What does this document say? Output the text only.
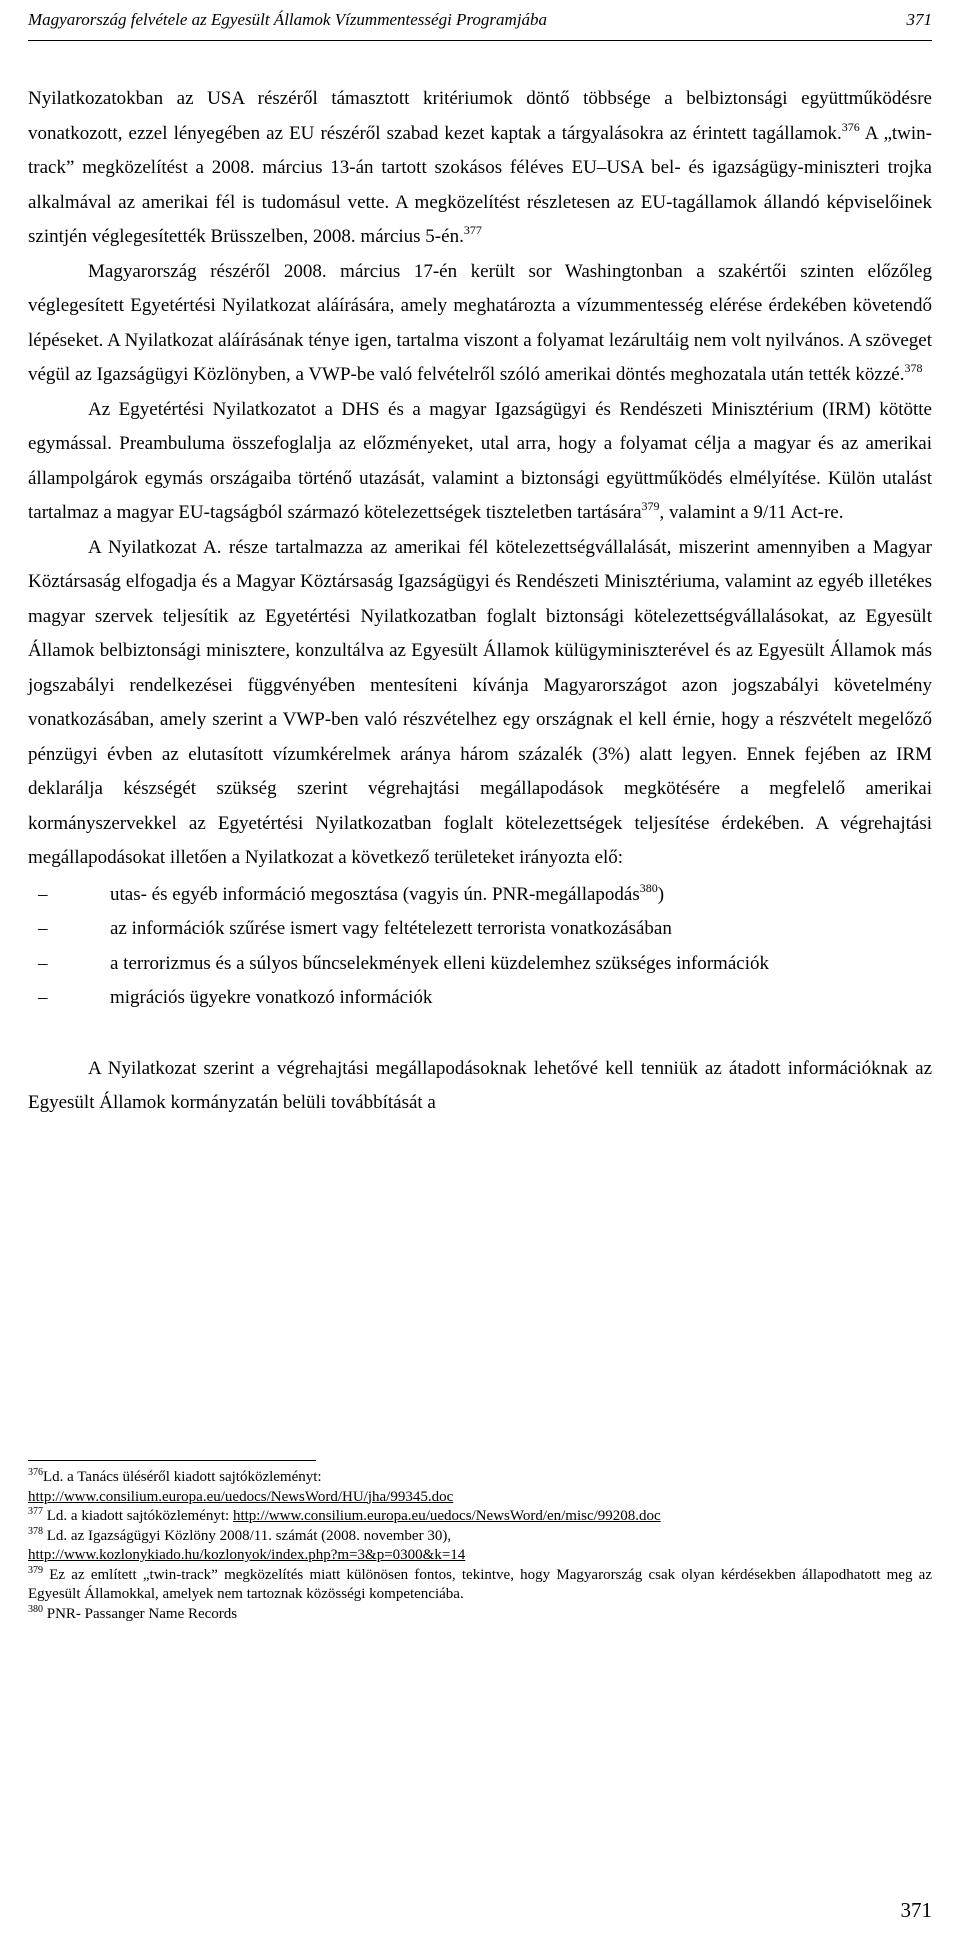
Magyarország felvétele az Egyesült Államok Vízummentességi Programjába	371

Nyilatkozatokban az USA részéről támasztott kritériumok döntő többsége a belbiztonsági együttműködésre vonatkozott, ezzel lényegében az EU részéről szabad kezet kaptak a tárgyalásokra az érintett tagállamok.$^{376}$ A „twin-track” megközelítést a 2008. március 13-án tartott szokásos féléves EU–USA bel- és igazságügy-miniszteri trojka alkalmával az amerikai fél is tudomásul vette. A megközelítést részletesen az EU-tagállamok állandó képviselőinek szintjén véglegesítették Brüsszelben, 2008. március 5-én.$^{377}$

Magyarország részéről 2008. március 17-én került sor Washingtonban a szakértői szinten előzőleg véglegesített Egyetértési Nyilatkozat aláírására, amely meghatározta a vízummentesség elérése érdekében követendő lépéseket. A Nyilatkozat aláírásának ténye igen, tartalma viszont a folyamat lezárultáig nem volt nyilvános. A szöveget végül az Igazságügyi Közlönyben, a VWP-be való felvételről szóló amerikai döntés meghozatala után tették közzé.$^{378}$

Az Egyetértési Nyilatkozatot a DHS és a magyar Igazságügyi és Rendészeti Minisztérium (IRM) kötötte egymással. Preambuluma összefoglalja az előzményeket, utal arra, hogy a folyamat célja a magyar és az amerikai állampolgárok egymás országaiba történő utazását, valamint a biztonsági együttműködés elmélyítése. Külön utalást tartalmaz a magyar EU-tagságból származó kötelezettségek tiszteletben tartására$^{379}$, valamint a 9/11 Act-re.

A Nyilatkozat A. része tartalmazza az amerikai fél kötelezettségvállalását, miszerint amennyiben a Magyar Köztársaság elfogadja és a Magyar Köztársaság Igazságügyi és Rendészeti Minisztériuma, valamint az egyéb illetékes magyar szervek teljesítik az Egyetértési Nyilatkozatban foglalt biztonsági kötelezettségvállalásokat, az Egyesült Államok belbiztonsági minisztere, konzultálva az Egyesült Államok külügyminiszterével és az Egyesült Államok más jogszabályi rendelkezései függvényében mentesíteni kívánja Magyarországot azon jogszabályi követelmény vonatkozásában, amely szerint a VWP-ben való részvételhez egy országnak el kell érnie, hogy a részvételt megelőző pénzügyi évben az elutasított vízumkérelmek aránya három százalék (3%) alatt legyen. Ennek fejében az IRM deklarálja készségét szükség szerint végrehajtási megállapodások megkötésére a megfelelő amerikai kormányszervekkel az Egyetértési Nyilatkozatban foglalt kötelezettségek teljesítése érdekében. A végrehajtási megállapodásokat illetően a Nyilatkozat a következő területeket irányozta elő:

–	utas- és egyéb információ megosztása (vagyis ún. PNR-megállapodás$^{380}$)
–	az információk szűrése ismert vagy feltételezett terrorista vonatkozásában
–	a terrorizmus és a súlyos bűncselekmények elleni küzdelemhez szükséges információk
–	migrációs ügyekre vonatkozó információk

A Nyilatkozat szerint a végrehajtási megállapodásoknak lehetővé kell tenniük az átadott információknak az Egyesült Államok kormányzatán belüli továbbítását a

$^{376}$Ld. a Tanács üléséről kiadott sajtóközleményt:
http://www.consilium.europa.eu/uedocs/NewsWord/HU/jha/99345.doc

$^{377}$ Ld. a kiadott sajtóközleményt: http://www.consilium.europa.eu/uedocs/NewsWord/en/misc/99208.doc

$^{378}$ Ld. az Igazságügyi Közlöny 2008/11. számát (2008. november 30),
http://www.kozlonykiado.hu/kozlonyok/index.php?m=3&p=0300&k=14

$^{379}$ Ez az említett „twin-track” megközelítés miatt különösen fontos, tekintve, hogy Magyarország csak olyan kérdésekben állapodhatott meg az Egyesült Államokkal, amelyek nem tartoznak közösségi kompetenciába.

$^{380}$ PNR- Passanger Name Records

371
